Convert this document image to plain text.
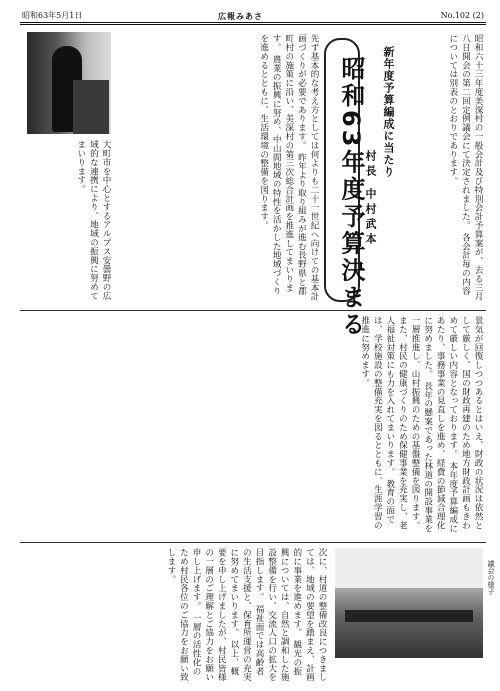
昭和63年5月1日	広報みあさ	No.102 (2)
昭和63年度予算決まる	新年度予算編成に当たり
村長 中村武本	昭和六十三年度美深村の一般会計及び特別会計予算案が、去る三月八日開会の第二回定例議会にて決定されました。 各会計毎の内容については別表のとおりであります。
先ず基本的な考え方としては何よりも二十一世紀へ向けての基本計画づくりが必要であります。 昨年より取り組みが進む長野県と郡町村の施策に沿い、美深村の第三次総合計画を推進してまいります。 農業の振興に努め、中山間地域の特性を活かした地域づくりを進めるとともに、生活環境の整備を図ります。
大町市を中心とするアルプス安曇野の広域的な連携により、地域の振興に努めてまいります。
景気が回復しつつあるとはいえ、財政の状況は依然として厳しく、国の財政再建のため地方財政計画もきわめて厳しい内容となっております。 本年度予算編成にあたり、事務事業の見直しを進め、経費の節減合理化に努めました。 長年の懸案であった林道の開設事業を一層推進し、山村振興のための基盤整備を図ります。 また、村民の健康づくりのため保健事業を充実し、老人福祉対策にも力を入れてまいります。 教育の面では、学校施設の整備充実を図るとともに、生涯学習の推進に努めます。
次に、村道の整備改良につきましては、地域の要望を踏まえ、計画的に事業を進めます。 観光の振興については、自然と調和した施設整備を行い、交流人口の拡大を目指します。 福祉面では高齢者の生活支援と、保育所運営の充実に努めてまいります。 以上、概要を申し上げましたが、村民皆様の一層のご理解とご協力をお願い申し上げます。 一層の活性化のため村民各位のご協力をお願い致します。	議会の様子
